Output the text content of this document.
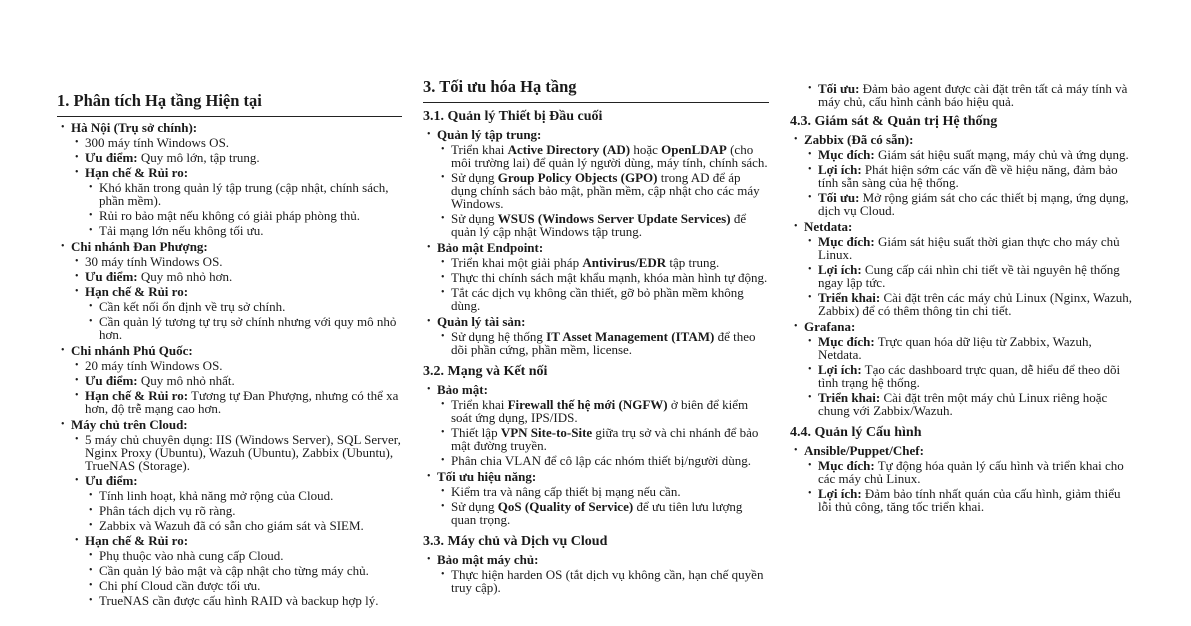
1. Phân tích Hạ tầng Hiện tại
• Hà Nội (Trụ sở chính):
• 300 máy tính Windows OS.
• Ưu điểm: Quy mô lớn, tập trung.
• Hạn chế & Rủi ro:
• Khó khăn trong quản lý tập trung (cập nhật, chính sách, phần mềm).
• Rủi ro bảo mật nếu không có giải pháp phòng thủ.
• Tải mạng lớn nếu không tối ưu.
• Chi nhánh Đan Phượng:
• 30 máy tính Windows OS.
• Ưu điểm: Quy mô nhỏ hơn.
• Hạn chế & Rủi ro:
• Cần kết nối ổn định về trụ sở chính.
• Cần quản lý tương tự trụ sở chính nhưng với quy mô nhỏ hơn.
• Chi nhánh Phú Quốc:
• 20 máy tính Windows OS.
• Ưu điểm: Quy mô nhỏ nhất.
• Hạn chế & Rủi ro: Tương tự Đan Phượng, nhưng có thể xa hơn, độ trễ mạng cao hơn.
• Máy chủ trên Cloud:
• 5 máy chủ chuyên dụng: IIS (Windows Server), SQL Server, Nginx Proxy (Ubuntu), Wazuh (Ubuntu), Zabbix (Ubuntu), TrueNAS (Storage).
• Ưu điểm:
• Tính linh hoạt, khả năng mở rộng của Cloud.
• Phân tách dịch vụ rõ ràng.
• Zabbix và Wazuh đã có sẵn cho giám sát và SIEM.
• Hạn chế & Rủi ro:
• Phụ thuộc vào nhà cung cấp Cloud.
• Cần quản lý bảo mật và cập nhật cho từng máy chủ.
• Chi phí Cloud cần được tối ưu.
• TrueNAS cần được cấu hình RAID và backup hợp lý.
3. Tối ưu hóa Hạ tầng
3.1. Quản lý Thiết bị Đầu cuối
• Quản lý tập trung:
• Triển khai Active Directory (AD) hoặc OpenLDAP (cho môi trường lai) để quản lý người dùng, máy tính, chính sách.
• Sử dụng Group Policy Objects (GPO) trong AD để áp dụng chính sách bảo mật, phần mềm, cập nhật cho các máy Windows.
• Sử dụng WSUS (Windows Server Update Services) để quản lý cập nhật Windows tập trung.
• Bảo mật Endpoint:
• Triển khai một giải pháp Antivirus/EDR tập trung.
• Thực thi chính sách mật khẩu mạnh, khóa màn hình tự động.
• Tắt các dịch vụ không cần thiết, gỡ bỏ phần mềm không dùng.
• Quản lý tài sản:
• Sử dụng hệ thống IT Asset Management (ITAM) để theo dõi phần cứng, phần mềm, license.
3.2. Mạng và Kết nối
• Bảo mật:
• Triển khai Firewall thế hệ mới (NGFW) ở biên để kiểm soát ứng dụng, IPS/IDS.
• Thiết lập VPN Site-to-Site giữa trụ sở và chi nhánh để bảo mật đường truyền.
• Phân chia VLAN để cô lập các nhóm thiết bị/người dùng.
• Tối ưu hiệu năng:
• Kiểm tra và nâng cấp thiết bị mạng nếu cần.
• Sử dụng QoS (Quality of Service) để ưu tiên lưu lượng quan trọng.
3.3. Máy chủ và Dịch vụ Cloud
• Bảo mật máy chủ:
• Thực hiện harden OS (tắt dịch vụ không cần, hạn chế quyền truy cập).
• Tối ưu: Đảm bảo agent được cài đặt trên tất cả máy tính và máy chủ, cấu hình cảnh báo hiệu quả.
4.3. Giám sát & Quản trị Hệ thống
• Zabbix (Đã có sẵn):
• Mục đích: Giám sát hiệu suất mạng, máy chủ và ứng dụng.
• Lợi ích: Phát hiện sớm các vấn đề về hiệu năng, đảm bảo tính sẵn sàng của hệ thống.
• Tối ưu: Mở rộng giám sát cho các thiết bị mạng, ứng dụng, dịch vụ Cloud.
• Netdata:
• Mục đích: Giám sát hiệu suất thời gian thực cho máy chủ Linux.
• Lợi ích: Cung cấp cái nhìn chi tiết về tài nguyên hệ thống ngay lập tức.
• Triển khai: Cài đặt trên các máy chủ Linux (Nginx, Wazuh, Zabbix) để có thêm thông tin chi tiết.
• Grafana:
• Mục đích: Trực quan hóa dữ liệu từ Zabbix, Wazuh, Netdata.
• Lợi ích: Tạo các dashboard trực quan, dễ hiểu để theo dõi tình trạng hệ thống.
• Triển khai: Cài đặt trên một máy chủ Linux riêng hoặc chung với Zabbix/Wazuh.
4.4. Quản lý Cấu hình
• Ansible/Puppet/Chef:
• Mục đích: Tự động hóa quản lý cấu hình và triển khai cho các máy chủ Linux.
• Lợi ích: Đảm bảo tính nhất quán của cấu hình, giảm thiểu lỗi thủ công, tăng tốc triển khai.
